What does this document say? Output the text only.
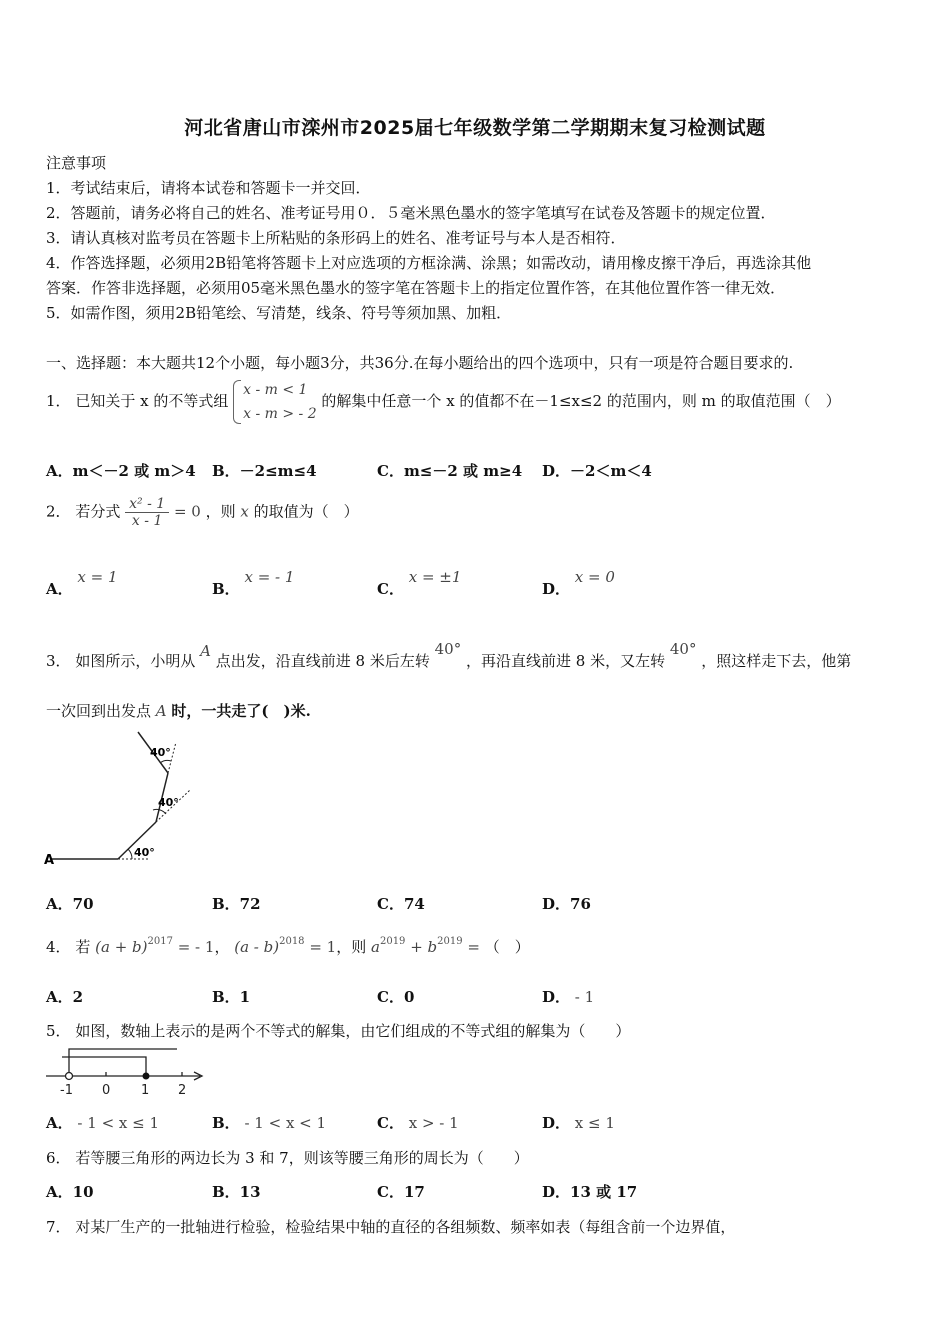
河北省唐山市滦州市2025届七年级数学第二学期期末复习检测试题
注意事项
1．考试结束后，请将本试卷和答题卡一并交回．
2．答题前，请务必将自己的姓名、准考证号用０．５毫米黑色墨水的签字笔填写在试卷及答题卡的规定位置．
3．请认真核对监考员在答题卡上所粘贴的条形码上的姓名、准考证号与本人是否相符．
4．作答选择题，必须用2B铅笔将答题卡上对应选项的方框涂满、涂黑；如需改动，请用橡皮擦干净后，再选涂其他
答案．作答非选择题，必须用05毫米黑色墨水的签字笔在答题卡上的指定位置作答，在其他位置作答一律无效．
5．如需作图，须用2B铅笔绘、写清楚，线条、符号等须加黑、加粗．
一、选择题：本大题共12个小题，每小题3分，共36分.在每小题给出的四个选项中，只有一项是符合题目要求的.
1． 已知关于 x 的不等式组
x - m < 1
x - m > - 2
的解集中任意一个 x 的值都不在－1≤x≤2 的范围内，则 m 的取值范围（　）
A．m＜－2 或 m＞4 B．－2≤m≤4	C．m≤－2 或 m≥4 D．－2＜m＜4
2． 若分式 $\frac{\text{x² - 1}}{x - 1} = 0$ ，则 x 的取值为（　）
A． x = 1
B． x = - 1
C． x = ±1
D． x = 0
3． 如图所示，小明从 A 点出发，沿直线前进 8 米后左转 40° ，再沿直线前进 8 米，又左转 40° ，照这样走下去，他第
一次回到出发点 A 时，一共走了(　)米.
A
40°
40°
40°
A．70	B．72	C．74	D．76
4． 若 $(a + b)^{2017}$ = - 1， (a - b)$^{2018}$ = 1，则 $a^{2019} + b^{2019}$ = （　）
A．2	B．1	C．0	D． - 1
5． 如图，数轴上表示的是两个不等式的解集，由它们组成的不等式组的解集为（　　）
-1 0 1 2
A． - 1 < x ≤ 1	B． - 1 < x < 1	C． x > - 1	D． x ≤ 1
6． 若等腰三角形的两边长为 3 和 7，则该等腰三角形的周长为（　　）
A．10	B．13	C．17	D．13 或 17
7． 对某厂生产的一批轴进行检验，检验结果中轴的直径的各组频数、频率如表（每组含前一个边界值，
